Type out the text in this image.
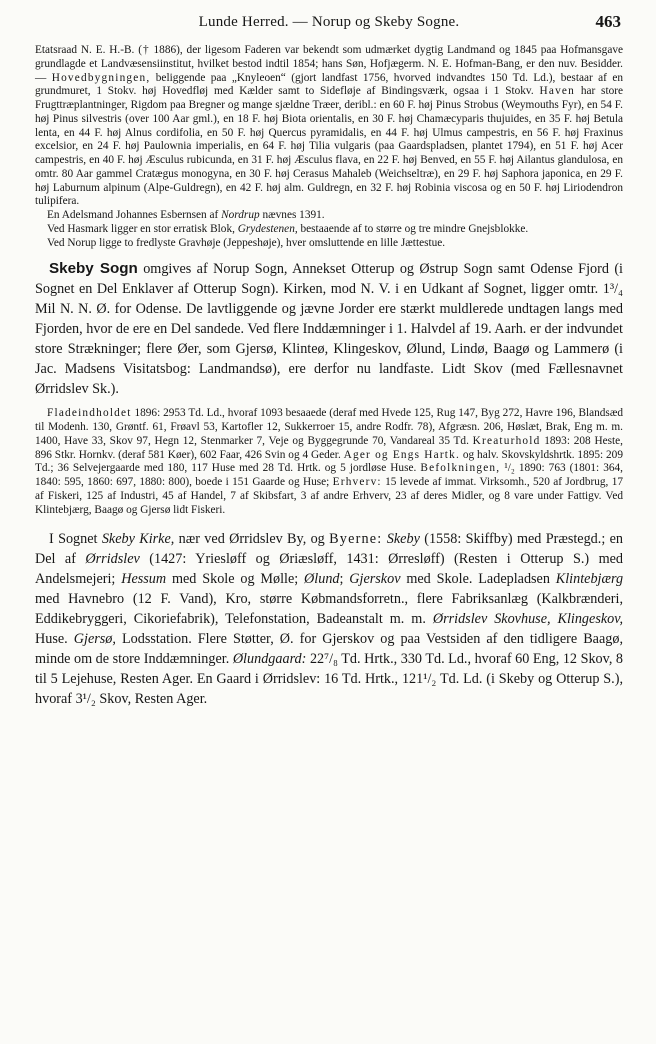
Lunde Herred. — Norup og Skeby Sogne.	463

Etatsraad N. E. H.-B. († 1886), der ligesom Faderen var bekendt som udmærket dygtig Landmand og 1845 paa Hofmansgave grundlagde et Landvæsensiinstitut, hvilket bestod indtil 1854; hans Søn, Hofjægerm. N. E. Hofman-Bang, er den nuv. Besidder. — Hovedbygningen, beliggende paa „Knyleoen“ (gjort landfast 1756, hvorved indvandtes 150 Td. Ld.), bestaar af en grundmuret, 1 Stokv. høj Hovedfløj med Kælder samt to Sidefløje af Bindingsværk, ogsaa i 1 Stokv. Haven har store Frugttræplantninger, Rigdom paa Bregner og mange sjældne Træer, deribl.: en 60 F. høj Pinus Strobus (Weymouths Fyr), en 54 F. høj Pinus silvestris (over 100 Aar gml.), en 18 F. høj Biota orientalis, en 30 F. høj Chamæcyparis thujuides, en 35 F. høj Betula lenta, en 44 F. høj Alnus cordifolia, en 50 F. høj Quercus pyramidalis, en 44 F. høj Ulmus campestris, en 56 F. høj Fraxinus excelsior, en 24 F. høj Paulownia imperialis, en 64 F. høj Tilia vulgaris (paa Gaardspladsen, plantet 1794), en 51 F. høj Acer campestris, en 40 F. høj Æsculus rubicunda, en 31 F. høj Æsculus flava, en 22 F. høj Benved, en 55 F. høj Ailantus glandulosa, en omtr. 80 Aar gammel Cratægus monogyna, en 30 F. høj Cerasus Mahaleb (Weichseltræ), en 29 F. høj Saphora japonica, en 29 F. høj Laburnum alpinum (Alpe-Guldregn), en 42 F. høj alm. Guldregn, en 32 F. høj Robinia viscosa og en 50 F. høj Liriodendron tulipifera.

En Adelsmand Johannes Esbernsen af Nordrup nævnes 1391.

Ved Hasmark ligger en stor erratisk Blok, Grydestenen, bestaaende af to større og tre mindre Gnejsblokke.

Ved Norup ligge to fredlyste Gravhøje (Jeppeshøje), hver omsluttende en lille Jættestue.

Skeby Sogn omgives af Norup Sogn, Annekset Otterup og Østrup Sogn samt Odense Fjord (i Sognet en Del Enklaver af Otterup Sogn). Kirken, mod N. V. i en Udkant af Sognet, ligger omtr. 1³/₄ Mil N. N. Ø. for Odense. De lavtliggende og jævne Jorder ere stærkt muldlerede undtagen langs med Fjorden, hvor de ere en Del sandede. Ved flere Inddæmninger i 1. Halvdel af 19. Aarh. er der indvundet store Strækninger; flere Øer, som Gjersø, Klinteø, Klingeskov, Ølund, Lindø, Baagø og Lammerø (i Jac. Madsens Visitatsbog: Landmandsø), ere derfor nu landfaste. Lidt Skov (med Fællesnavnet Ørridslev Sk.).

Fladeindholdet 1896: 2953 Td. Ld., hvoraf 1093 besaaede (deraf med Hvede 125, Rug 147, Byg 272, Havre 196, Blandsæd til Modenh. 130, Grøntf. 61, Frøavl 53, Kartofler 12, Sukkerroer 15, andre Rodfr. 78), Afgræsn. 206, Høslæt, Brak, Eng m. m. 1400, Have 33, Skov 97, Hegn 12, Stenmarker 7, Veje og Byggegrunde 70, Vandareal 35 Td. Kreaturhold 1893: 208 Heste, 896 Stkr. Hornkv. (deraf 581 Køer), 602 Faar, 426 Svin og 4 Geder. Ager og Engs Hartk. og halv. Skovskyldshrtk. 1895: 209 Td.; 36 Selvejergaarde med 180, 117 Huse med 28 Td. Hrtk. og 5 jordløse Huse. Befolkningen, ¹/₂ 1890: 763 (1801: 364, 1840: 595, 1860: 697, 1880: 800), boede i 151 Gaarde og Huse; Erhverv: 15 levede af immat. Virksomh., 520 af Jordbrug, 17 af Fiskeri, 125 af Industri, 45 af Handel, 7 af Skibsfart, 3 af andre Erhverv, 23 af deres Midler, og 8 vare under Fattigv. Ved Klintebjærg, Baagø og Gjersø lidt Fiskeri.

I Sognet Skeby Kirke, nær ved Ørridslev By, og Byerne: Skeby (1558: Skiffby) med Præstegd.; en Del af Ørridslev (1427: Yriesløff og Øriæsløff, 1431: Ørresløff) (Resten i Otterup S.) med Andelsmejeri; Hessum med Skole og Mølle; Ølund; Gjerskov med Skole. Ladepladsen Klintebjærg med Havnebro (12 F. Vand), Kro, større Købmandsforretn., flere Fabriksanlæg (Kalkbrænderi, Eddikebryggeri, Cikoriefabrik), Telefonstation, Badeanstalt m. m. Ørridslev Skovhuse, Klingeskov, Huse. Gjersø, Lodsstation. Flere Støtter, Ø. for Gjerskov og paa Vestsiden af den tidligere Baagø, minde om de store Inddæmninger. Ølundgaard: 22⁷/₈ Td. Hrtk., 330 Td. Ld., hvoraf 60 Eng, 12 Skov, 8 til 5 Lejehuse, Resten Ager. En Gaard i Ørridslev: 16 Td. Hrtk., 121¹/₂ Td. Ld. (i Skeby og Otterup S.), hvoraf 3¹/₂ Skov, Resten Ager.
